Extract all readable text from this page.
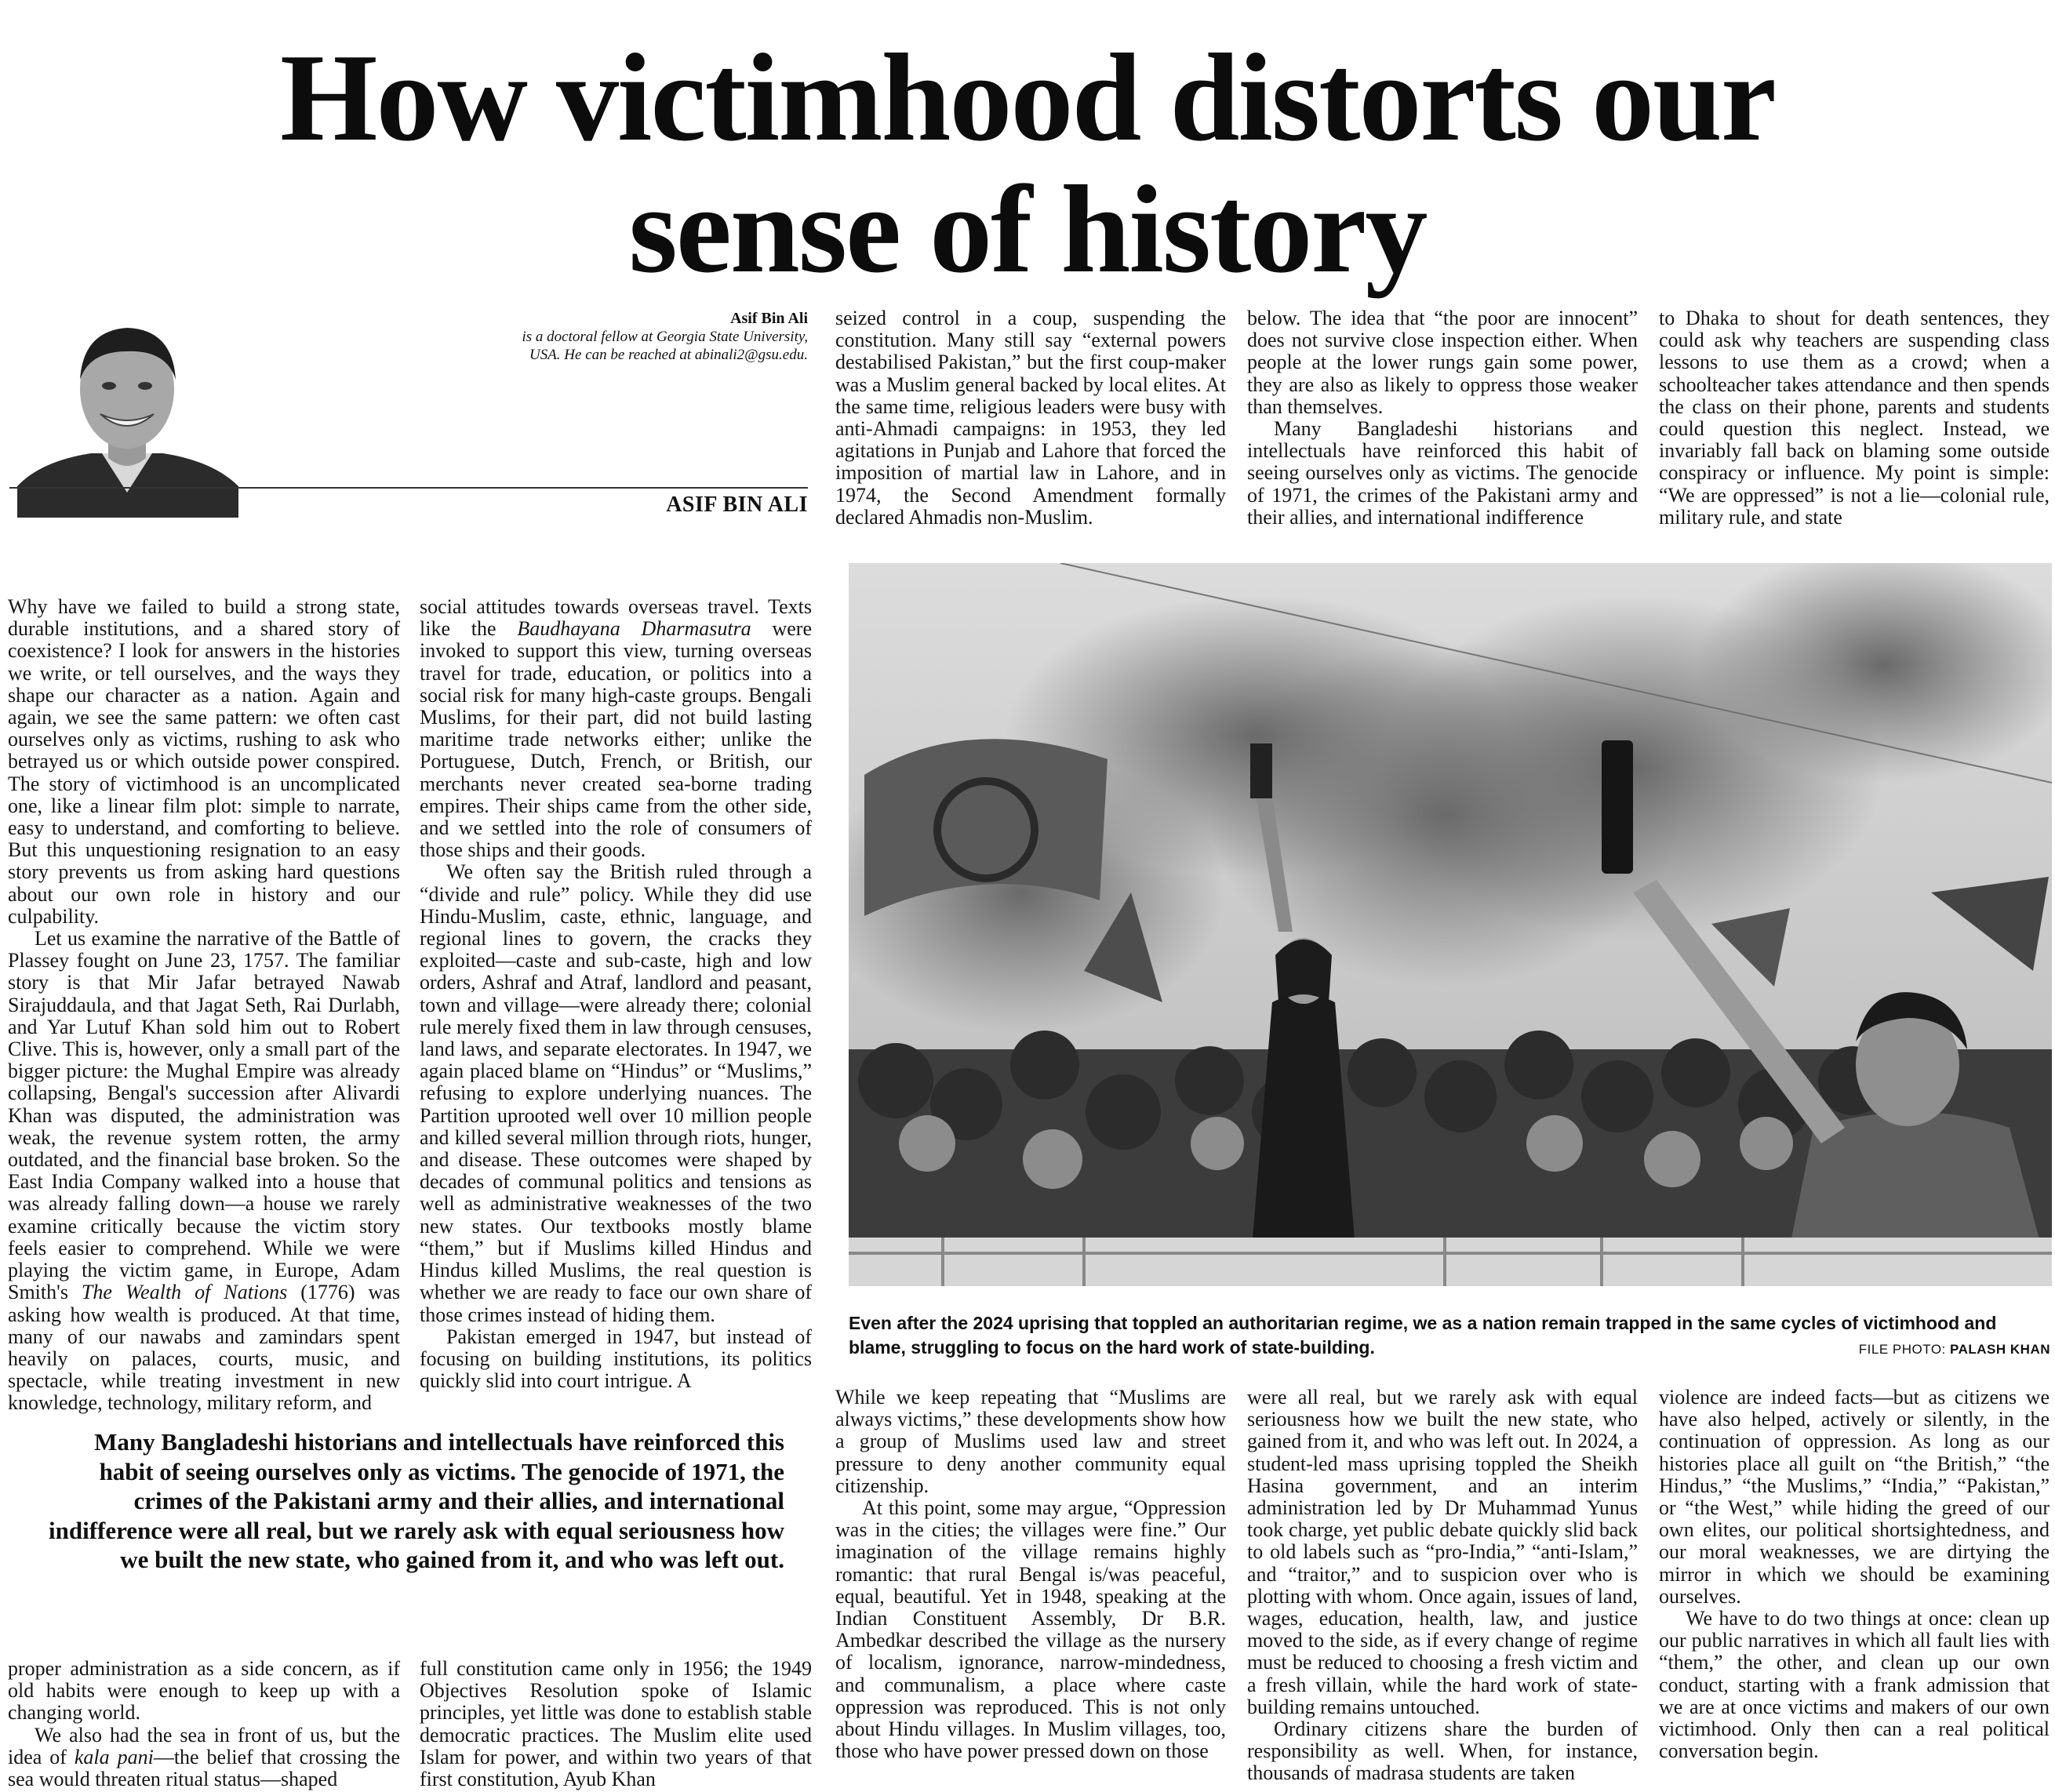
How victimhood distorts our
sense of history
Asif Bin Ali
is a doctoral fellow at Georgia State University,
USA. He can be reached at abinali2@gsu.edu.
ASIF BIN ALI

Why have we failed to build a strong state, durable institutions, and a shared story of coexistence? I look for answers in the histories we write, or tell ourselves, and the ways they shape our character as a nation. Again and again, we see the same pattern: we often cast ourselves only as victims, rushing to ask who betrayed us or which outside power conspired. The story of victimhood is an uncomplicated one, like a linear film plot: simple to narrate, easy to understand, and comforting to believe. But this unquestioning resignation to an easy story prevents us from asking hard questions about our own role in history and our culpability.

Let us examine the narrative of the Battle of Plassey fought on June 23, 1757. The familiar story is that Mir Jafar betrayed Nawab Sirajuddaula, and that Jagat Seth, Rai Durlabh, and Yar Lutuf Khan sold him out to Robert Clive. This is, however, only a small part of the bigger picture: the Mughal Empire was already collapsing, Bengal's succession after Alivardi Khan was disputed, the administration was weak, the revenue system rotten, the army outdated, and the financial base broken. So the East India Company walked into a house that was already falling down—a house we rarely examine critically because the victim story feels easier to comprehend. While we were playing the victim game, in Europe, Adam Smith's The Wealth of Nations (1776) was asking how wealth is produced. At that time, many of our nawabs and zamindars spent heavily on palaces, courts, music, and spectacle, while treating investment in new knowledge, technology, military reform, and

social attitudes towards overseas travel. Texts like the Baudhayana Dharmasutra were invoked to support this view, turning overseas travel for trade, education, or politics into a social risk for many high-caste groups. Bengali Muslims, for their part, did not build lasting maritime trade networks either; unlike the Portuguese, Dutch, French, or British, our merchants never created sea-borne trading empires. Their ships came from the other side, and we settled into the role of consumers of those ships and their goods.

We often say the British ruled through a “divide and rule” policy. While they did use Hindu-Muslim, caste, ethnic, language, and regional lines to govern, the cracks they exploited—caste and sub-caste, high and low orders, Ashraf and Atraf, landlord and peasant, town and village—were already there; colonial rule merely fixed them in law through censuses, land laws, and separate electorates. In 1947, we again placed blame on “Hindus” or “Muslims,” refusing to explore underlying nuances. The Partition uprooted well over 10 million people and killed several million through riots, hunger, and disease. These outcomes were shaped by decades of communal politics and tensions as well as administrative weaknesses of the two new states. Our textbooks mostly blame “them,” but if Muslims killed Hindus and Hindus killed Muslims, the real question is whether we are ready to face our own share of those crimes instead of hiding them.

Pakistan emerged in 1947, but instead of focusing on building institutions, its politics quickly slid into court intrigue. A

Many Bangladeshi historians and intellectuals have reinforced this habit of seeing ourselves only as victims. The genocide of 1971, the crimes of the Pakistani army and their allies, and international indifference were all real, but we rarely ask with equal seriousness how we built the new state, who gained from it, and who was left out.

proper administration as a side concern, as if old habits were enough to keep up with a changing world.

We also had the sea in front of us, but the idea of kala pani—the belief that crossing the sea would threaten ritual status—shaped

full constitution came only in 1956; the 1949 Objectives Resolution spoke of Islamic principles, yet little was done to establish stable democratic practices. The Muslim elite used Islam for power, and within two years of that first constitution, Ayub Khan

seized control in a coup, suspending the constitution. Many still say “external powers destabilised Pakistan,” but the first coup-maker was a Muslim general backed by local elites. At the same time, religious leaders were busy with anti-Ahmadi campaigns: in 1953, they led agitations in Punjab and Lahore that forced the imposition of martial law in Lahore, and in 1974, the Second Amendment formally declared Ahmadis non-Muslim.

below. The idea that “the poor are innocent” does not survive close inspection either. When people at the lower rungs gain some power, they are also as likely to oppress those weaker than themselves.

Many Bangladeshi historians and intellectuals have reinforced this habit of seeing ourselves only as victims. The genocide of 1971, the crimes of the Pakistani army and their allies, and international indifference

to Dhaka to shout for death sentences, they could ask why teachers are suspending class lessons to use them as a crowd; when a schoolteacher takes attendance and then spends the class on their phone, parents and students could question this neglect. Instead, we invariably fall back on blaming some outside conspiracy or influence. My point is simple: “We are oppressed” is not a lie—colonial rule, military rule, and state

Even after the 2024 uprising that toppled an authoritarian regime, we as a nation remain trapped in the same cycles of victimhood and blame, struggling to focus on the hard work of state-building.	FILE PHOTO: PALASH KHAN

While we keep repeating that “Muslims are always victims,” these developments show how a group of Muslims used law and street pressure to deny another community equal citizenship.

At this point, some may argue, “Oppression was in the cities; the villages were fine.” Our imagination of the village remains highly romantic: that rural Bengal is/was peaceful, equal, beautiful. Yet in 1948, speaking at the Indian Constituent Assembly, Dr B.R. Ambedkar described the village as the nursery of localism, ignorance, narrow-mindedness, and communalism, a place where caste oppression was reproduced. This is not only about Hindu villages. In Muslim villages, too, those who have power pressed down on those

were all real, but we rarely ask with equal seriousness how we built the new state, who gained from it, and who was left out. In 2024, a student-led mass uprising toppled the Sheikh Hasina government, and an interim administration led by Dr Muhammad Yunus took charge, yet public debate quickly slid back to old labels such as “pro-India,” “anti-Islam,” and “traitor,” and to suspicion over who is plotting with whom. Once again, issues of land, wages, education, health, law, and justice moved to the side, as if every change of regime must be reduced to choosing a fresh victim and a fresh villain, while the hard work of state-building remains untouched.

Ordinary citizens share the burden of responsibility as well. When, for instance, thousands of madrasa students are taken

violence are indeed facts—but as citizens we have also helped, actively or silently, in the continuation of oppression. As long as our histories place all guilt on “the British,” “the Hindus,” “the Muslims,” “India,” “Pakistan,” or “the West,” while hiding the greed of our own elites, our political shortsightedness, and our moral weaknesses, we are dirtying the mirror in which we should be examining ourselves.

We have to do two things at once: clean up our public narratives in which all fault lies with “them,” the other, and clean up our own conduct, starting with a frank admission that we are at once victims and makers of our own victimhood. Only then can a real political conversation begin.
